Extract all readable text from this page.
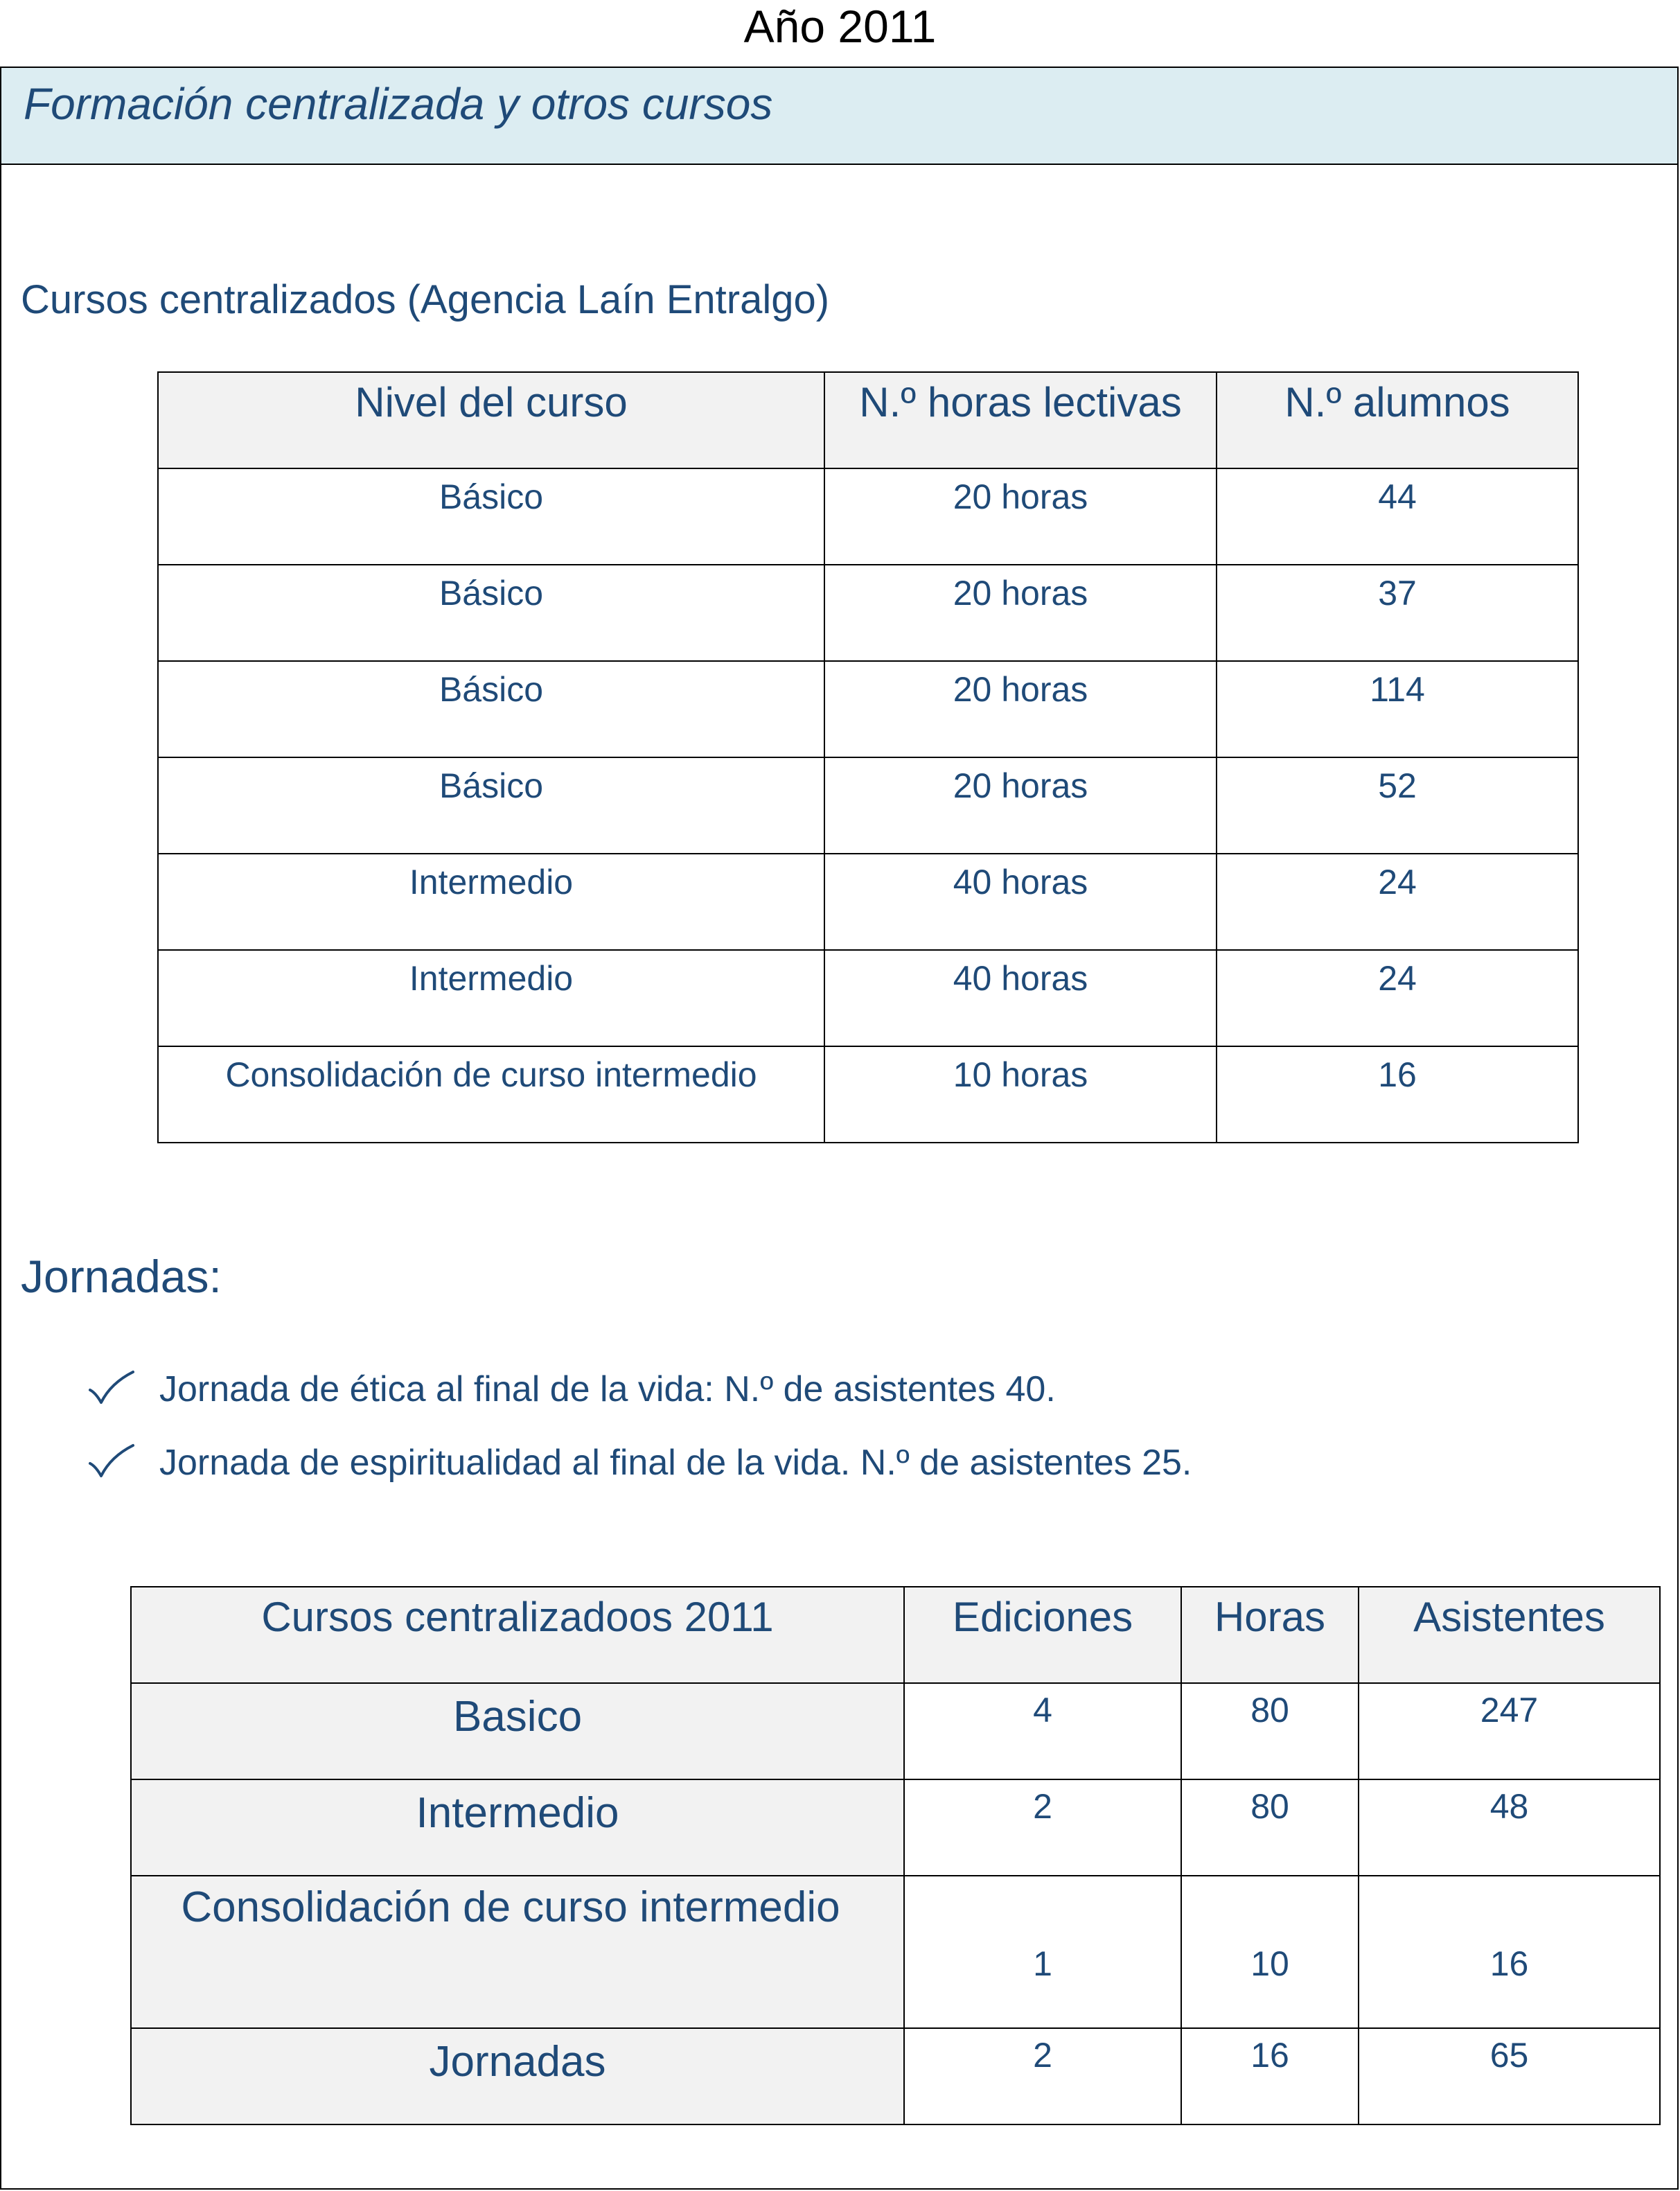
Año 2011
Formación centralizada y otros cursos
Cursos centralizados (Agencia Laín Entralgo)
Nivel del curso	N.º horas lectivas	N.º alumnos
Básico	20 horas	44
Básico	20 horas	37
Básico	20 horas	114
Básico	20 horas	52
Intermedio	40 horas	24
Intermedio	40 horas	24
Consolidación de curso intermedio	10 horas	16
Jornadas:
Jornada de ética al final de la vida: N.º de asistentes 40.
Jornada de espiritualidad al final de la vida. N.º de asistentes 25.
Cursos centralizadoos 2011	Ediciones	Horas	Asistentes
Basico	4	80	247
Intermedio	2	80	48
Consolidación de curso intermedio	1	10	16
Jornadas	2	16	65
